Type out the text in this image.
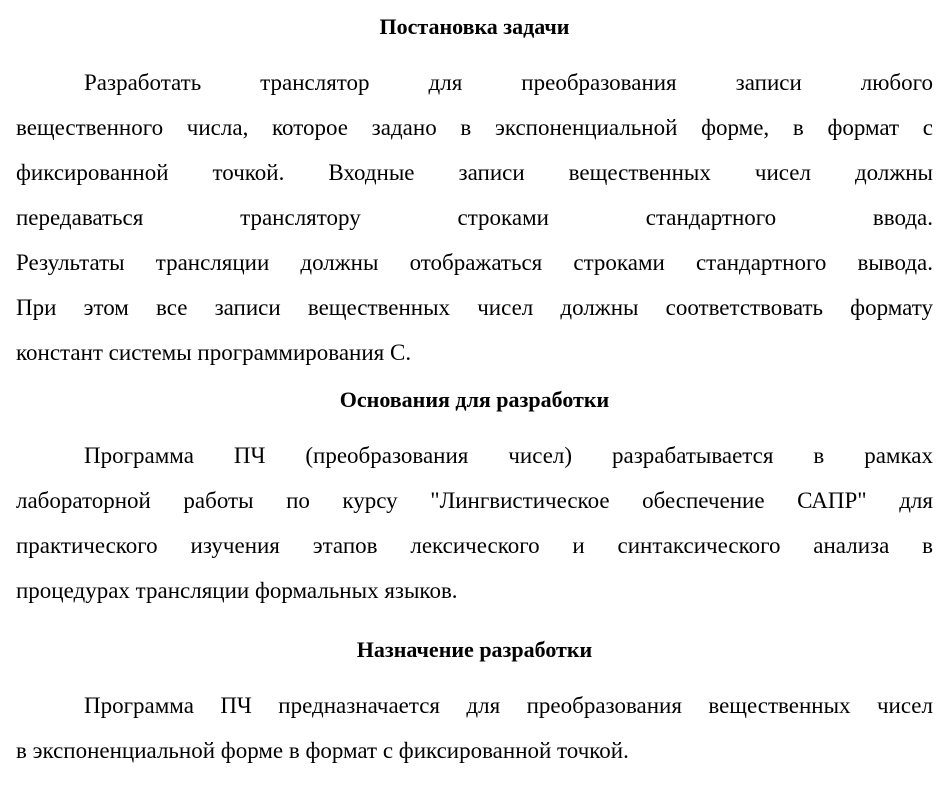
Постановка задачи
Разработать транслятор для преобразования записи любого
вещественного числа, которое задано в экспоненциальной форме, в формат с
фиксированной точкой. Входные записи вещественных чисел должны
передаваться транслятору строками стандартного ввода.
Результаты трансляции должны отображаться строками стандартного вывода.
При этом все записи вещественных чисел должны соответствовать формату
констант системы программирования С.
Основания для разработки
Программа ПЧ (преобразования чисел) разрабатывается в рамках
лабораторной работы по курсу "Лингвистическое обеспечение САПР" для
практического изучения этапов лексического и синтаксического анализа в
процедурах трансляции формальных языков.
Назначение разработки
Программа ПЧ предназначается для преобразования вещественных чисел
в экспоненциальной форме в формат с фиксированной точкой.
